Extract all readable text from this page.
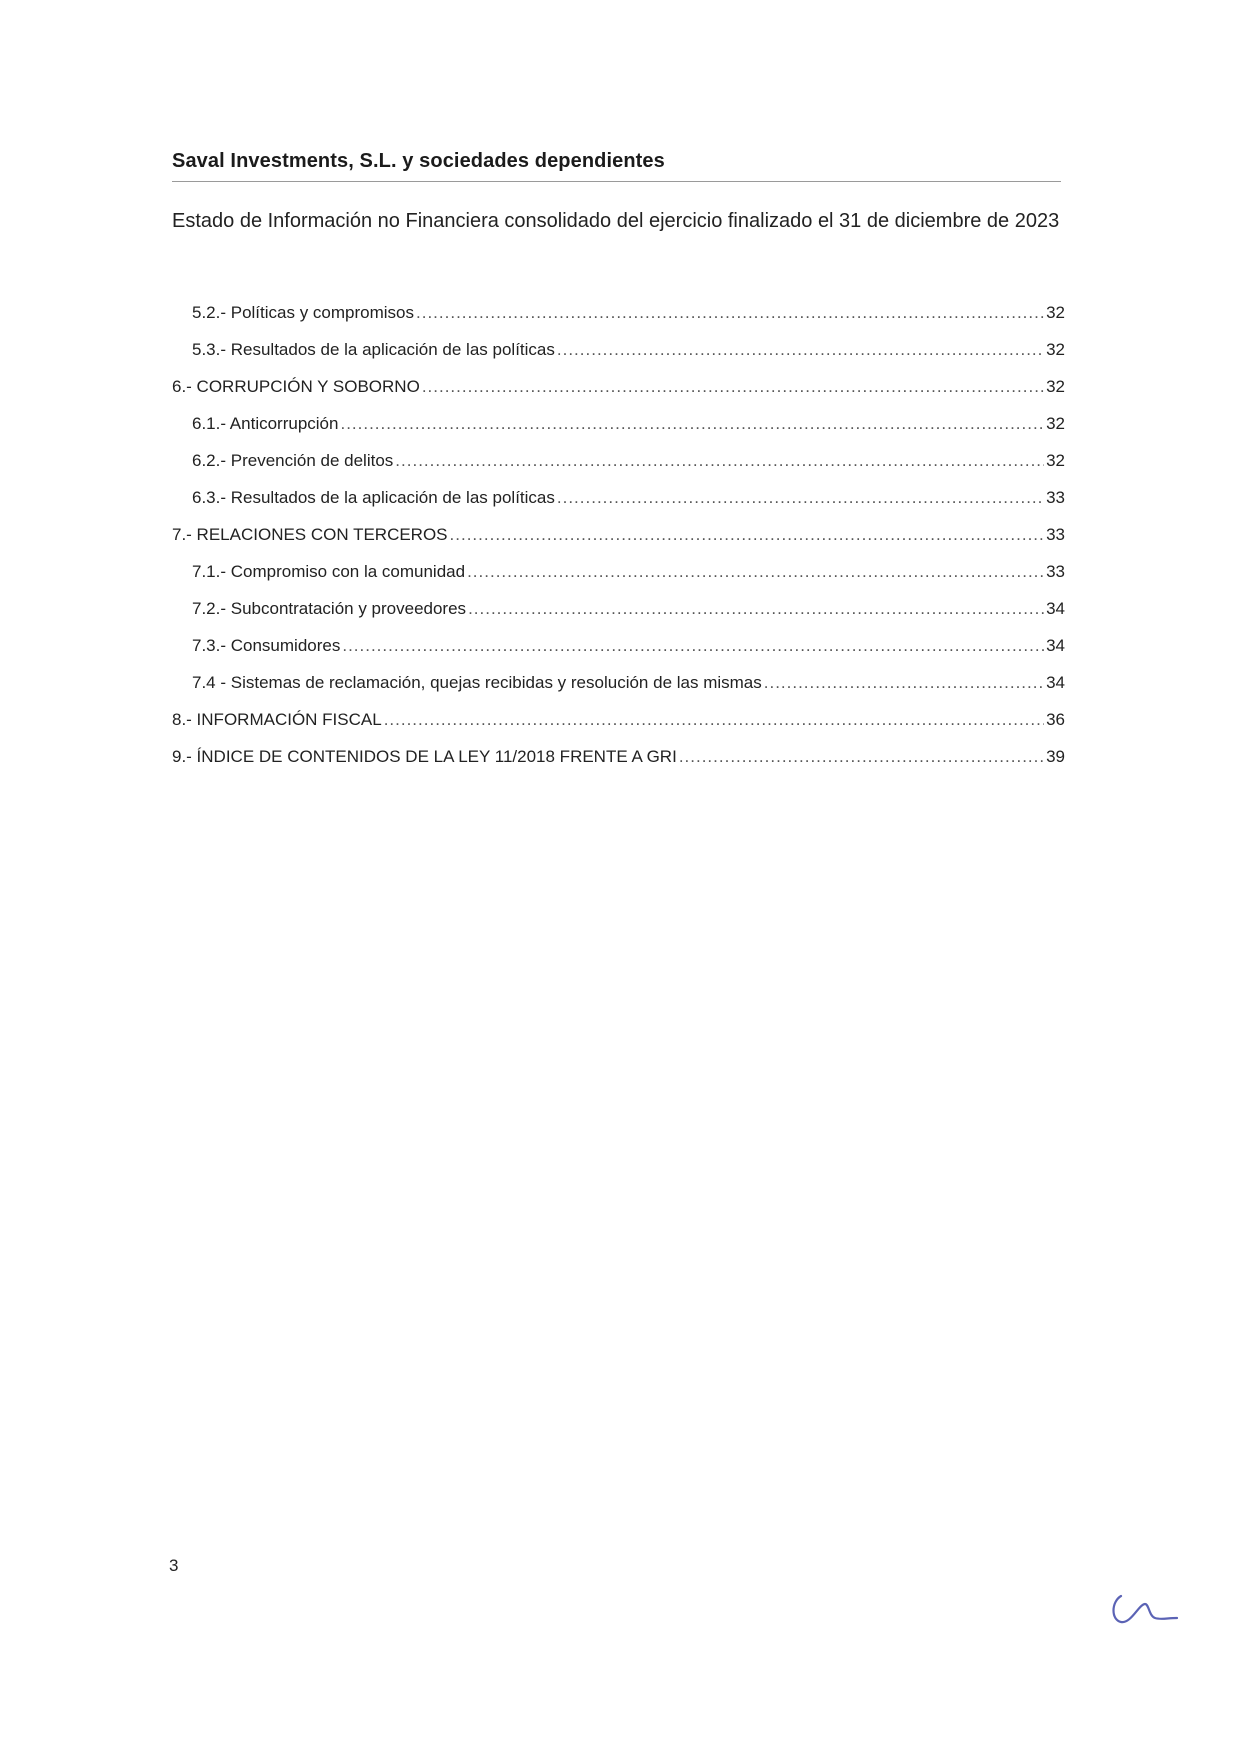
Saval Investments, S.L. y sociedades dependientes
Estado de Información no Financiera consolidado del ejercicio finalizado el 31 de diciembre de 2023
5.2.- Políticas y compromisos .....	32
5.3.- Resultados de la aplicación de las políticas .....	32
6.- CORRUPCIÓN Y SOBORNO .....	32
6.1.- Anticorrupción .....	32
6.2.- Prevención de delitos .....	32
6.3.- Resultados de la aplicación de las políticas .....	33
7.- RELACIONES CON TERCEROS .....	33
7.1.- Compromiso con la comunidad .....	33
7.2.- Subcontratación y proveedores .....	34
7.3.- Consumidores .....	34
7.4 - Sistemas de reclamación, quejas recibidas y resolución de las mismas .....	34
8.- INFORMACIÓN FISCAL .....	36
9.- ÍNDICE DE CONTENIDOS DE LA LEY 11/2018 FRENTE A GRI .....	39
3
